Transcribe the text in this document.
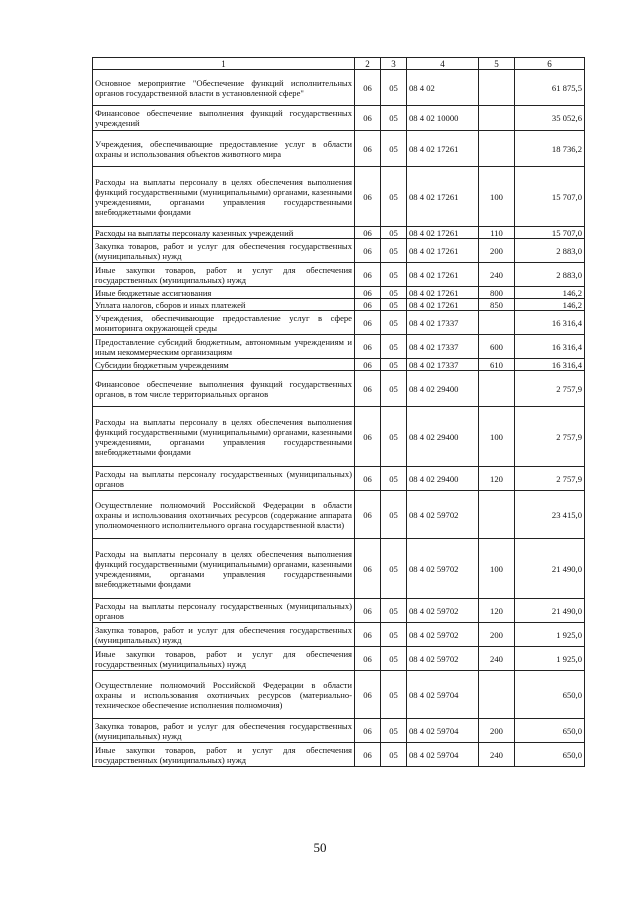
1	2	3	4	5	6
Основное мероприятие "Обеспечение функций исполнительных органов государственной власти в установленной сфере"	06	05	08 4 02		61 875,5
Финансовое обеспечение выполнения функций государственных учреждений	06	05	08 4 02 10000		35 052,6
Учреждения, обеспечивающие предоставление услуг в области охраны и использования объектов животного мира	06	05	08 4 02 17261		18 736,2
Расходы на выплаты персоналу в целях обеспечения выполнения функций государственными (муниципальными) органами, казенными учреждениями, органами управления государственными внебюджетными фондами	06	05	08 4 02 17261	100	15 707,0
Расходы на выплаты персоналу казенных учреждений	06	05	08 4 02 17261	110	15 707,0
Закупка товаров, работ и услуг для обеспечения государственных (муниципальных) нужд	06	05	08 4 02 17261	200	2 883,0
Иные закупки товаров, работ и услуг для обеспечения государственных (муниципальных) нужд	06	05	08 4 02 17261	240	2 883,0
Иные бюджетные ассигнования	06	05	08 4 02 17261	800	146,2
Уплата налогов, сборов и иных платежей	06	05	08 4 02 17261	850	146,2
Учреждения, обеспечивающие предоставление услуг в сфере мониторинга окружающей среды	06	05	08 4 02 17337		16 316,4
Предоставление субсидий бюджетным, автономным учреждениям и иным некоммерческим организациям	06	05	08 4 02 17337	600	16 316,4
Субсидии бюджетным учреждениям	06	05	08 4 02 17337	610	16 316,4
Финансовое обеспечение выполнения функций государственных органов, в том числе территориальных органов	06	05	08 4 02 29400		2 757,9
Расходы на выплаты персоналу в целях обеспечения выполнения функций государственными (муниципальными) органами, казенными учреждениями, органами управления государственными внебюджетными фондами	06	05	08 4 02 29400	100	2 757,9
Расходы на выплаты персоналу государственных (муниципальных) органов	06	05	08 4 02 29400	120	2 757,9
Осуществление полномочий Российской Федерации в области охраны и использования охотничьих ресурсов (содержание аппарата уполномоченного исполнительного органа государственной власти)	06	05	08 4 02 59702		23 415,0
Расходы на выплаты персоналу в целях обеспечения выполнения функций государственными (муниципальными) органами, казенными учреждениями, органами управления государственными внебюджетными фондами	06	05	08 4 02 59702	100	21 490,0
Расходы на выплаты персоналу государственных (муниципальных) органов	06	05	08 4 02 59702	120	21 490,0
Закупка товаров, работ и услуг для обеспечения государственных (муниципальных) нужд	06	05	08 4 02 59702	200	1 925,0
Иные закупки товаров, работ и услуг для обеспечения государственных (муниципальных) нужд	06	05	08 4 02 59702	240	1 925,0
Осуществление полномочий Российской Федерации в области охраны и использования охотничьих ресурсов (материально-техническое обеспечение исполнения полномочия)	06	05	08 4 02 59704		650,0
Закупка товаров, работ и услуг для обеспечения государственных (муниципальных) нужд	06	05	08 4 02 59704	200	650,0
Иные закупки товаров, работ и услуг для обеспечения государственных (муниципальных) нужд	06	05	08 4 02 59704	240	650,0
50
